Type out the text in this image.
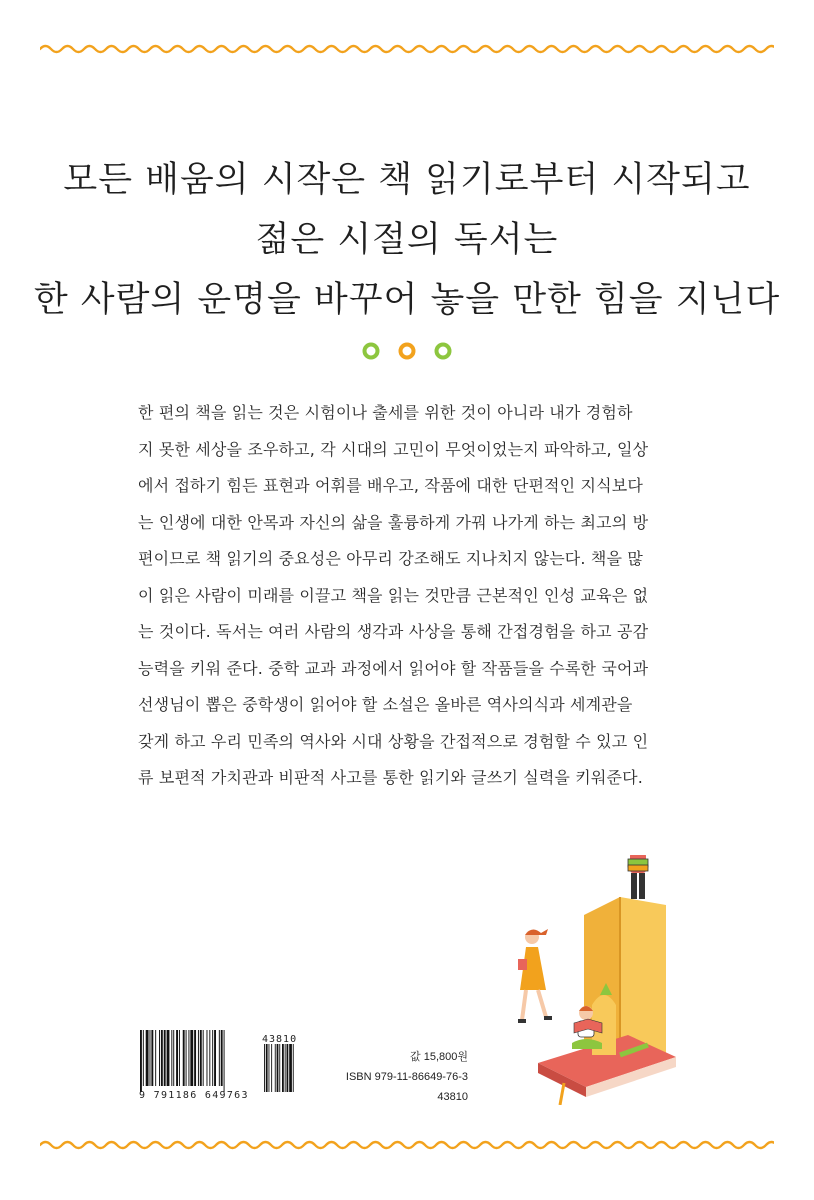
모든 배움의 시작은 책 읽기로부터 시작되고
젊은 시절의 독서는
한 사람의 운명을 바꾸어 놓을 만한 힘을 지닌다
한 편의 책을 읽는 것은 시험이나 출세를 위한 것이 아니라 내가 경험하
지 못한 세상을 조우하고, 각 시대의 고민이 무엇이었는지 파악하고, 일상
에서 접하기 힘든 표현과 어휘를 배우고, 작품에 대한 단편적인 지식보다
는 인생에 대한 안목과 자신의 삶을 훌륭하게 가꿔 나가게 하는 최고의 방
편이므로 책 읽기의 중요성은 아무리 강조해도 지나치지 않는다. 책을 많
이 읽은 사람이 미래를 이끌고 책을 읽는 것만큼 근본적인 인성 교육은 없
는 것이다. 독서는 여러 사람의 생각과 사상을 통해 간접경험을 하고 공감
능력을 키워 준다. 중학 교과 과정에서 읽어야 할 작품들을 수록한 국어과
선생님이 뽑은 중학생이 읽어야 할 소설은 올바른 역사의식과 세계관을
갖게 하고 우리 민족의 역사와 시대 상황을 간접적으로 경험할 수 있고 인
류 보편적 가치관과 비판적 사고를 통한 읽기와 글쓰기 실력을 키워준다.
43810
9 791186 649763
값 15,800원
ISBN 979-11-86649-76-3 43810
